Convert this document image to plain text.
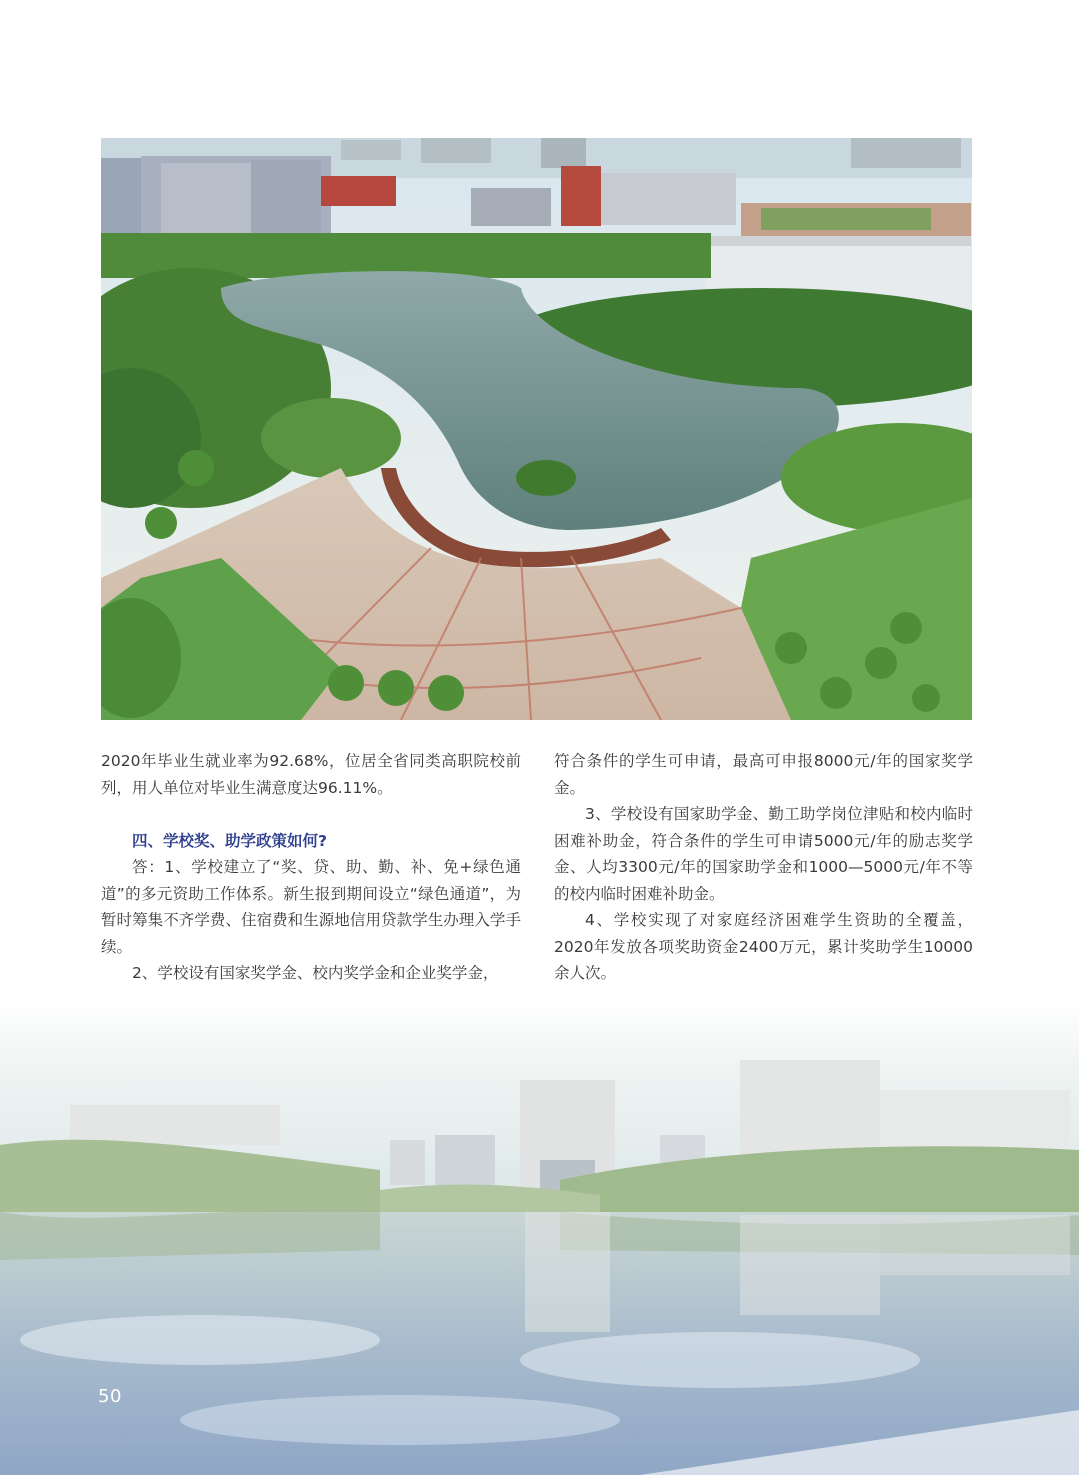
2020年毕业生就业率为92.68%，位居全省同类高职院校前列，用人单位对毕业生满意度达96.11%。

四、学校奖、助学政策如何?

答：1、学校建立了“奖、贷、助、勤、补、免+绿色通道”的多元资助工作体系。新生报到期间设立“绿色通道”，为暂时筹集不齐学费、住宿费和生源地信用贷款学生办理入学手续。

2、学校设有国家奖学金、校内奖学金和企业奖学金，

符合条件的学生可申请，最高可申报8000元/年的国家奖学金。

3、学校设有国家助学金、勤工助学岗位津贴和校内临时困难补助金，符合条件的学生可申请5000元/年的励志奖学金、人均3300元/年的国家助学金和1000—5000元/年不等的校内临时困难补助金。

4、学校实现了对家庭经济困难学生资助的全覆盖，2020年发放各项奖助资金2400万元，累计奖助学生10000余人次。

50
